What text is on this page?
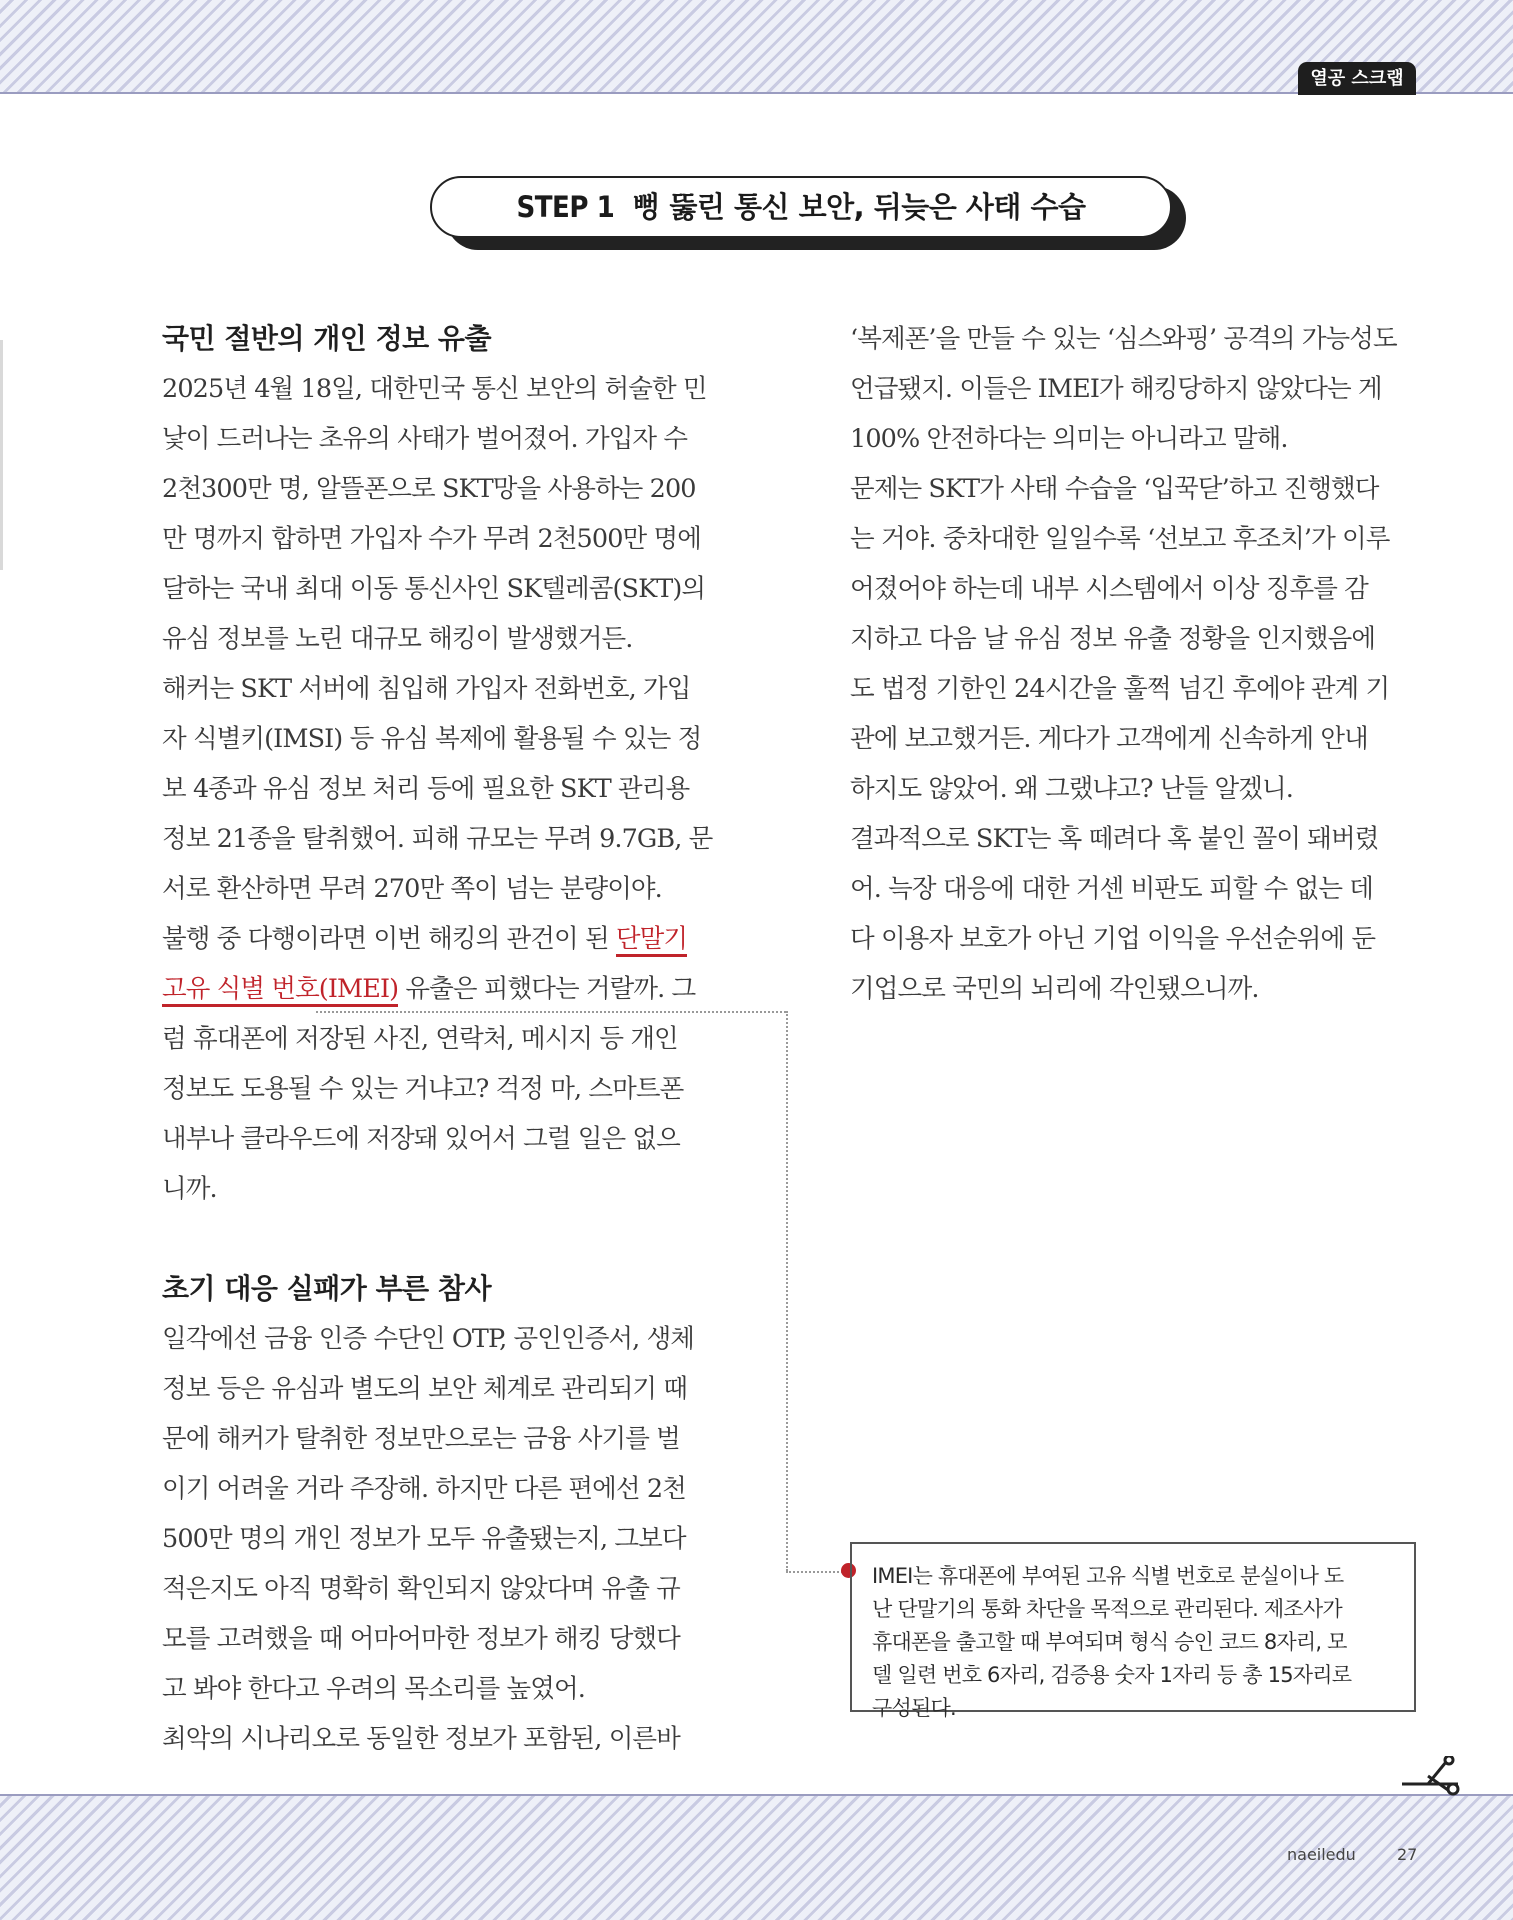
열공 스크랩
STEP 1 뻥 뚫린 통신 보안, 뒤늦은 사태 수습
국민 절반의 개인 정보 유출
2025년 4월 18일, 대한민국 통신 보안의 허술한 민
낯이 드러나는 초유의 사태가 벌어졌어. 가입자 수
2천300만 명, 알뜰폰으로 SKT망을 사용하는 200
만 명까지 합하면 가입자 수가 무려 2천500만 명에
달하는 국내 최대 이동 통신사인 SK텔레콤(SKT)의
유심 정보를 노린 대규모 해킹이 발생했거든.
해커는 SKT 서버에 침입해 가입자 전화번호, 가입
자 식별키(IMSI) 등 유심 복제에 활용될 수 있는 정
보 4종과 유심 정보 처리 등에 필요한 SKT 관리용
정보 21종을 탈취했어. 피해 규모는 무려 9.7GB, 문
서로 환산하면 무려 270만 쪽이 넘는 분량이야.
불행 중 다행이라면 이번 해킹의 관건이 된 단말기
고유 식별 번호(IMEI) 유출은 피했다는 거랄까. 그
럼 휴대폰에 저장된 사진, 연락처, 메시지 등 개인
정보도 도용될 수 있는 거냐고? 걱정 마, 스마트폰
내부나 클라우드에 저장돼 있어서 그럴 일은 없으
니까.
초기 대응 실패가 부른 참사
일각에선 금융 인증 수단인 OTP, 공인인증서, 생체
정보 등은 유심과 별도의 보안 체계로 관리되기 때
문에 해커가 탈취한 정보만으로는 금융 사기를 벌
이기 어려울 거라 주장해. 하지만 다른 편에선 2천
500만 명의 개인 정보가 모두 유출됐는지, 그보다
적은지도 아직 명확히 확인되지 않았다며 유출 규
모를 고려했을 때 어마어마한 정보가 해킹 당했다
고 봐야 한다고 우려의 목소리를 높였어.
최악의 시나리오로 동일한 정보가 포함된, 이른바
‘복제폰’을 만들 수 있는 ‘심스와핑’ 공격의 가능성도
언급됐지. 이들은 IMEI가 해킹당하지 않았다는 게
100% 안전하다는 의미는 아니라고 말해.
문제는 SKT가 사태 수습을 ‘입꾹닫’하고 진행했다
는 거야. 중차대한 일일수록 ‘선보고 후조치’가 이루
어졌어야 하는데 내부 시스템에서 이상 징후를 감
지하고 다음 날 유심 정보 유출 정황을 인지했음에
도 법정 기한인 24시간을 훌쩍 넘긴 후에야 관계 기
관에 보고했거든. 게다가 고객에게 신속하게 안내
하지도 않았어. 왜 그랬냐고? 난들 알겠니.
결과적으로 SKT는 혹 떼려다 혹 붙인 꼴이 돼버렸
어. 늑장 대응에 대한 거센 비판도 피할 수 없는 데
다 이용자 보호가 아닌 기업 이익을 우선순위에 둔
기업으로 국민의 뇌리에 각인됐으니까.
IMEI는 휴대폰에 부여된 고유 식별 번호로 분실이나 도
난 단말기의 통화 차단을 목적으로 관리된다. 제조사가
휴대폰을 출고할 때 부여되며 형식 승인 코드 8자리, 모
델 일련 번호 6자리, 검증용 숫자 1자리 등 총 15자리로
구성된다.
naeiledu	27
